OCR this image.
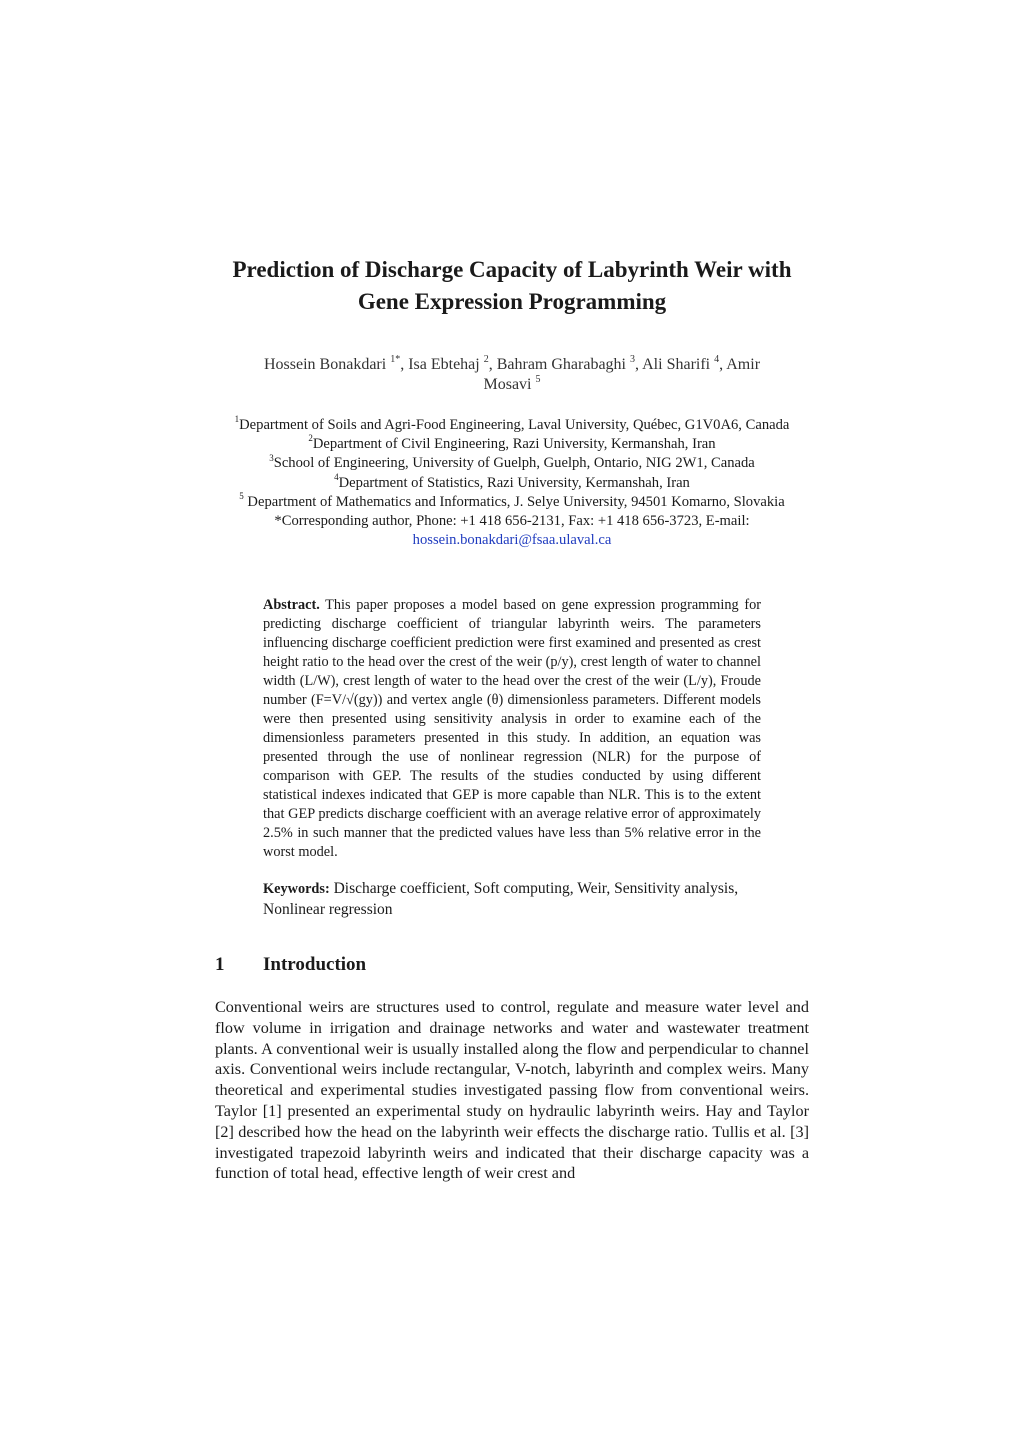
Prediction of Discharge Capacity of Labyrinth Weir with
Gene Expression Programming
Hossein Bonakdari $^{1*}$, Isa Ebtehaj $^2$, Bahram Gharabaghi $^3$, Ali Sharifi $^4$, Amir
Mosavi $^5$
$^1$Department of Soils and Agri-Food Engineering, Laval University, Québec, G1V0A6, Canada
$^2$Department of Civil Engineering, Razi University, Kermanshah, Iran
$^3$School of Engineering, University of Guelph, Guelph, Ontario, NIG 2W1, Canada
$^4$Department of Statistics, Razi University, Kermanshah, Iran
$^5$ Department of Mathematics and Informatics, J. Selye University, 94501 Komarno, Slovakia
*Corresponding author, Phone: +1 418 656-2131, Fax: +1 418 656-3723, E-mail:
hossein.bonakdari@fsaa.ulaval.ca

Abstract. This paper proposes a model based on gene expression programming for predicting discharge coefficient of triangular labyrinth weirs. The parameters influencing discharge coefficient prediction were first examined and presented as crest height ratio to the head over the crest of the weir (p/y), crest length of water to channel width (L/W), crest length of water to the head over the crest of the weir (L/y), Froude number (F=V/√(gy)) and vertex angle (θ) dimensionless parameters. Different models were then presented using sensitivity analysis in order to examine each of the dimensionless parameters presented in this study. In addition, an equation was presented through the use of nonlinear regression (NLR) for the purpose of comparison with GEP. The results of the studies conducted by using different statistical indexes indicated that GEP is more capable than NLR. This is to the extent that GEP predicts discharge coefficient with an average relative error of approximately 2.5% in such manner that the predicted values have less than 5% relative error in the worst model.

Keywords: Discharge coefficient, Soft computing, Weir, Sensitivity analysis, Nonlinear regression
1 Introduction

Conventional weirs are structures used to control, regulate and measure water level and flow volume in irrigation and drainage networks and water and wastewater treatment plants. A conventional weir is usually installed along the flow and perpendicular to channel axis. Conventional weirs include rectangular, V-notch, labyrinth and complex weirs. Many theoretical and experimental studies investigated passing flow from conventional weirs. Taylor [1] presented an experimental study on hydraulic labyrinth weirs. Hay and Taylor [2] described how the head on the labyrinth weir effects the discharge ratio. Tullis et al. [3] investigated trapezoid labyrinth weirs and indicated that their discharge capacity was a function of total head, effective length of weir crest and
